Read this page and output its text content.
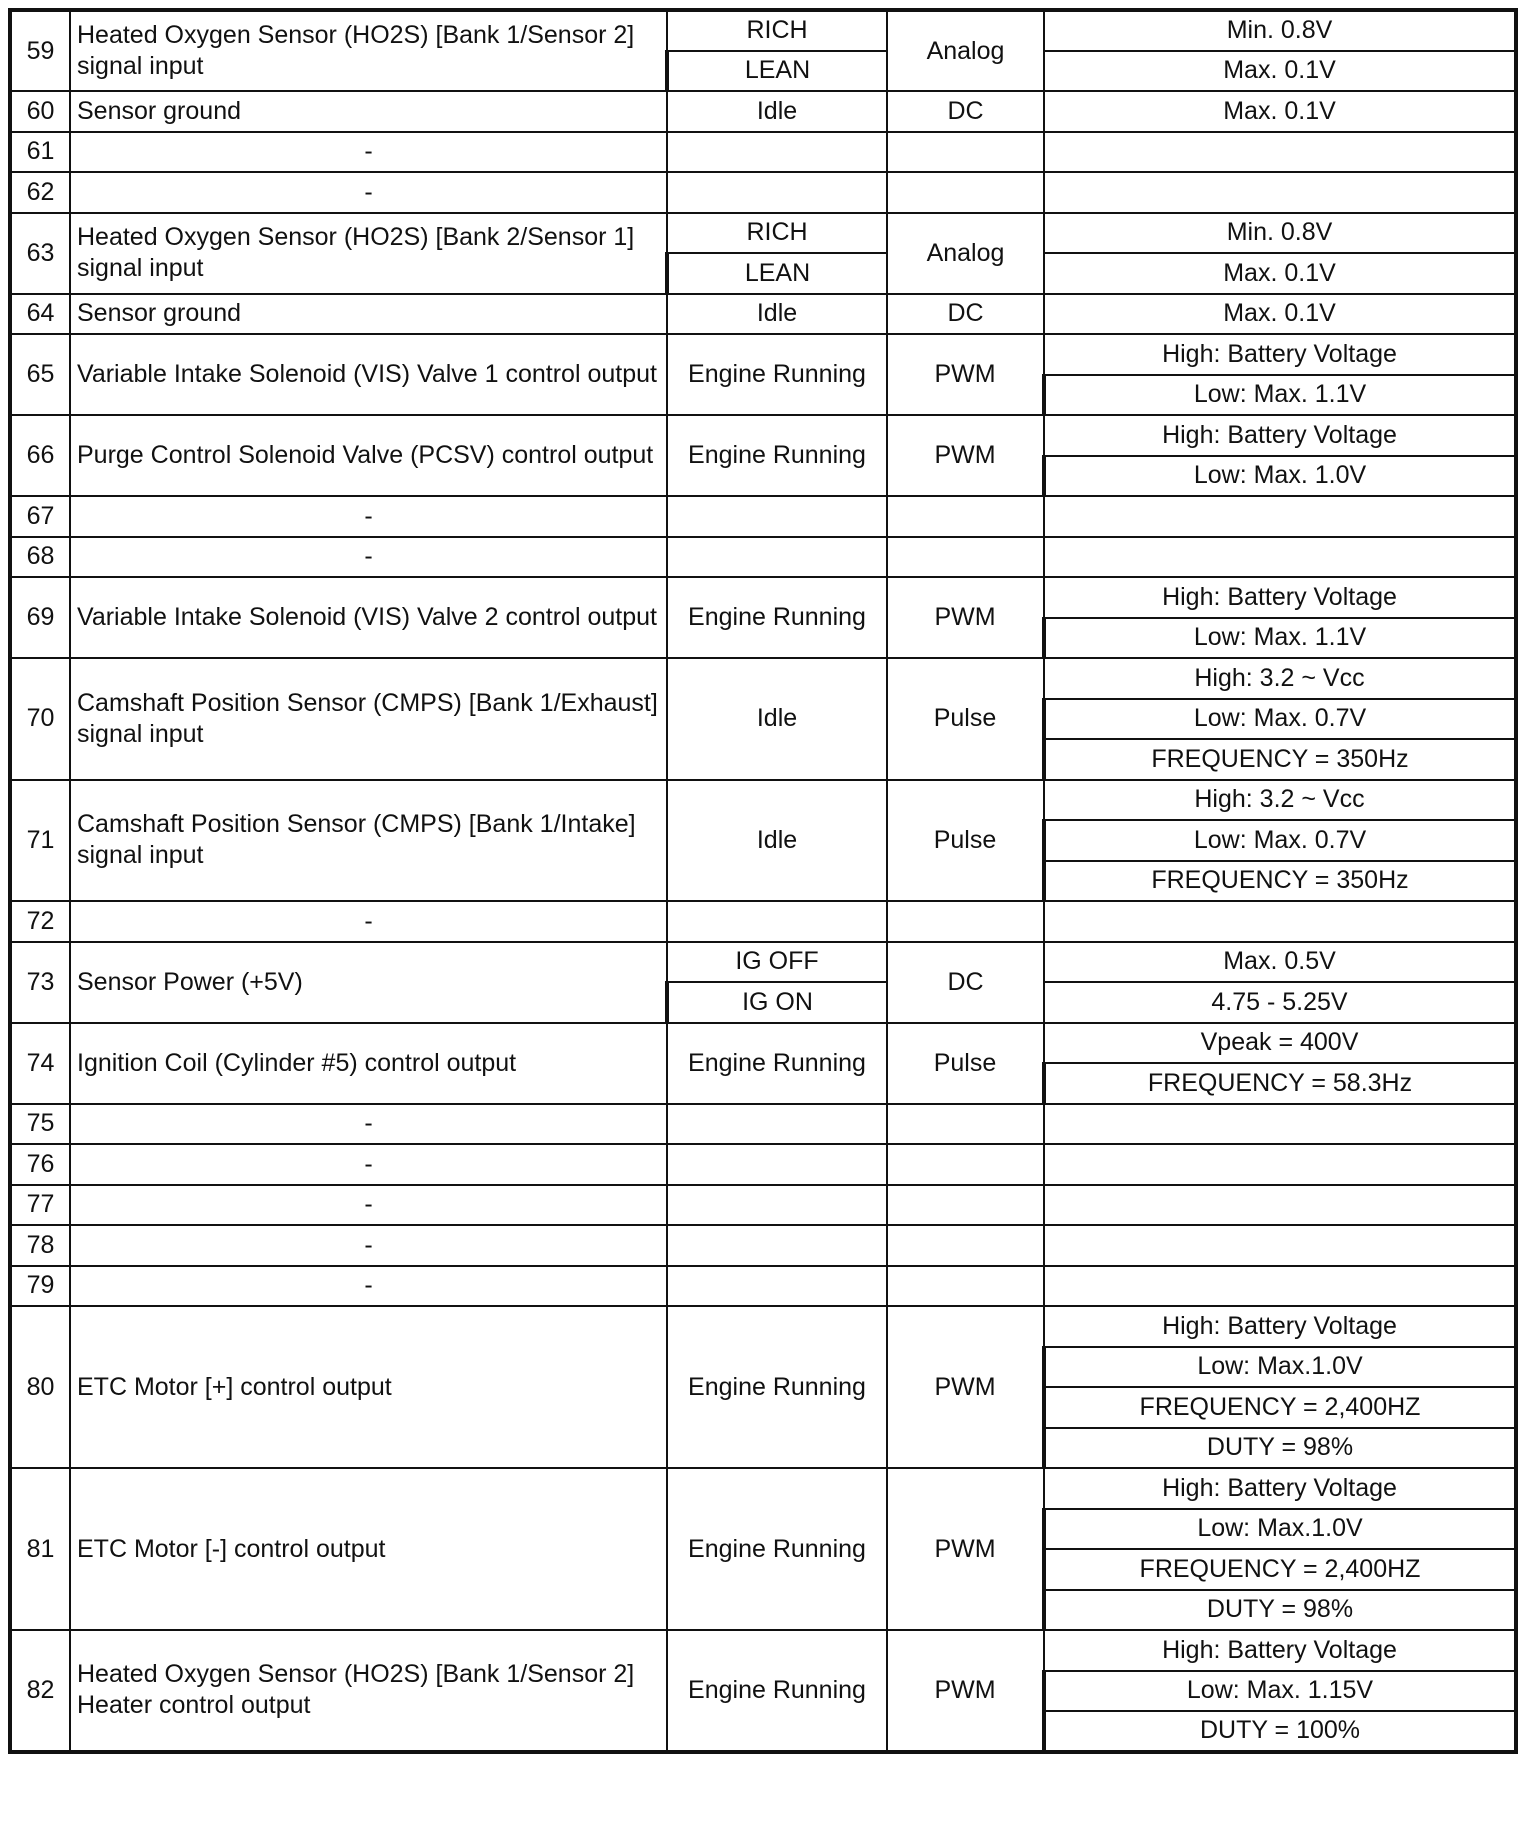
59	Heated Oxygen Sensor (HO2S) [Bank 1/Sensor 2] signal input	RICH	Analog	Min. 0.8V
		LEAN		Max. 0.1V
60	Sensor ground	Idle	DC	Max. 0.1V
61	-			
62	-			
63	Heated Oxygen Sensor (HO2S) [Bank 2/Sensor 1] signal input	RICH	Analog	Min. 0.8V
		LEAN		Max. 0.1V
64	Sensor ground	Idle	DC	Max. 0.1V
65	Variable Intake Solenoid (VIS) Valve 1 control output	Engine Running	PWM	High: Battery Voltage
				Low: Max. 1.1V
66	Purge Control Solenoid Valve (PCSV) control output	Engine Running	PWM	High: Battery Voltage
				Low: Max. 1.0V
67	-			
68	-			
69	Variable Intake Solenoid (VIS) Valve 2 control output	Engine Running	PWM	High: Battery Voltage
				Low: Max. 1.1V
70	Camshaft Position Sensor (CMPS) [Bank 1/Exhaust] signal input	Idle	Pulse	High: 3.2 ~ Vcc
				Low: Max. 0.7V
				FREQUENCY = 350Hz
71	Camshaft Position Sensor (CMPS) [Bank 1/Intake] signal input	Idle	Pulse	High: 3.2 ~ Vcc
				Low: Max. 0.7V
				FREQUENCY = 350Hz
72	-			
73	Sensor Power (+5V)	IG OFF	DC	Max. 0.5V
		IG ON		4.75 - 5.25V
74	Ignition Coil (Cylinder #5) control output	Engine Running	Pulse	Vpeak = 400V
				FREQUENCY = 58.3Hz
75	-			
76	-			
77	-			
78	-			
79	-			
80	ETC Motor [+] control output	Engine Running	PWM	High: Battery Voltage
				Low: Max.1.0V
				FREQUENCY = 2,400HZ
				DUTY = 98%
81	ETC Motor [-] control output	Engine Running	PWM	High: Battery Voltage
				Low: Max.1.0V
				FREQUENCY = 2,400HZ
				DUTY = 98%
82	Heated Oxygen Sensor (HO2S) [Bank 1/Sensor 2] Heater control output	Engine Running	PWM	High: Battery Voltage
				Low: Max. 1.15V
				DUTY = 100%
